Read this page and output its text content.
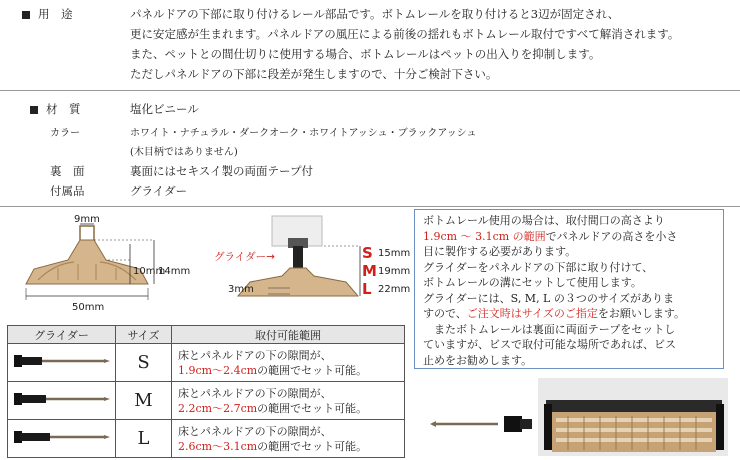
用　途	パネルドアの下部に取り付けるレール部品です。ボトムレールを取り付けると3辺が固定され、
更に安定感が生まれます。パネルドアの風圧による前後の揺れもボトムレール取付ですべて解消されます。
また、ペットとの間仕切りに使用する場合、ボトムレールはペットの出入りを抑制します。
ただしパネルドアの下部に段差が発生しますので、十分ご検討下さい。
材　質	塩化ビニール
カラー	ホワイト・ナチュラル・ダークオーク・ホワイトアッシュ・ブラックアッシュ
(木目柄ではありません)
裏　面	裏面にはセキスイ製の両面テープ付
付属品	グライダー
9mm
10mm
14mm
50mm
グライダー→	S
M
L
15mm
19mm
22mm
3mm
ボトムレール使用の場合は、取付間口の高さより
1.9cm 〜 3.1cm の範囲でパネルドアの高さを小さ
目に製作する必要があります。
グライダーをパネルドアの下部に取り付けて、
ボトムレールの溝にセットして使用します。
グライダーには、S, M, L の３つのサイズがありま
すので、ご注文時はサイズのご指定をお願いします。
　またボトムレールは裏面に両面テープをセットし
ていますが、ビスで取付可能な場所であれば、ビス
止めをお勧めします。
グライダー	サイズ	取付可能範囲
	S	床とパネルドアの下の隙間が、
1.9cm〜2.4cmの範囲でセット可能。

	M	床とパネルドアの下の隙間が、
2.2cm〜2.7cmの範囲でセット可能。

	L	床とパネルドアの下の隙間が、
2.6cm〜3.1cmの範囲でセット可能。
